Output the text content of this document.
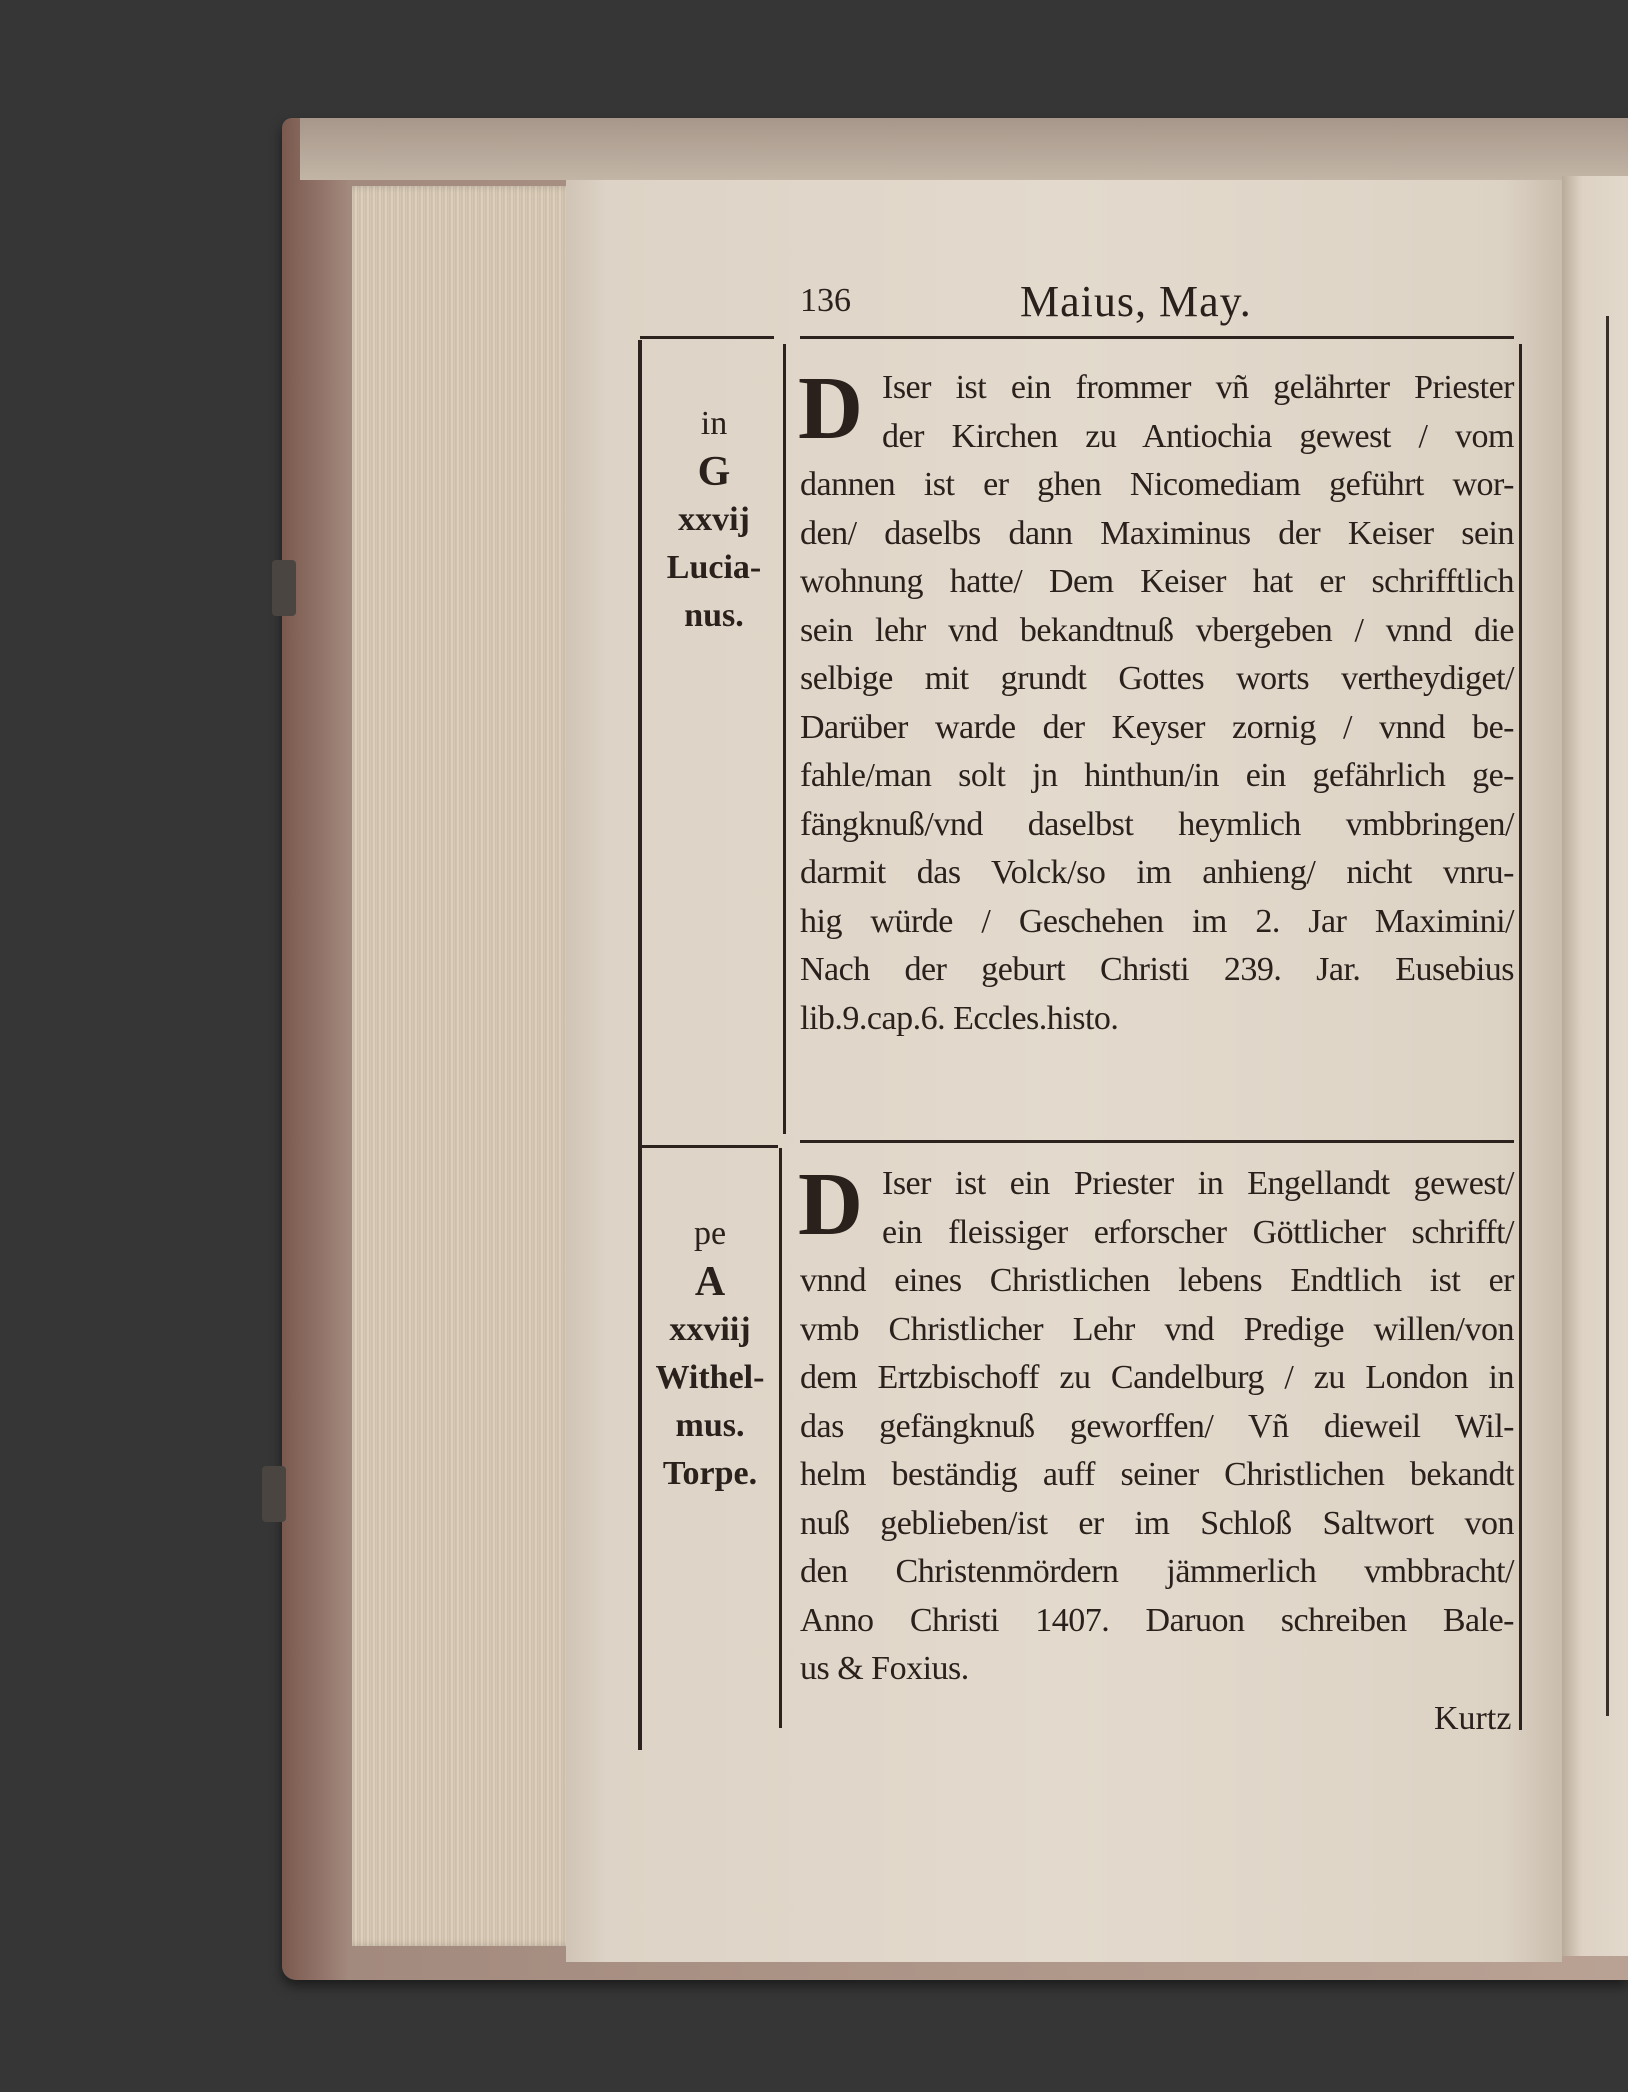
136	Maius, May.
in
G
xxvij
Lucia-
nus.
pe
A
xxviij
Withel-
mus.
Torpe.
D Iser ist ein frommer vñ gelährter Priester
der Kirchen zu Antiochia gewest / vom
dannen ist er ghen Nicomediam geführt wor-
den/ daselbs dann Maximinus der Keiser sein
wohnung hatte/ Dem Keiser hat er schrifftlich
sein lehr vnd bekandtnuß vbergeben / vnnd die
selbige mit grundt Gottes worts vertheydiget/
Darüber warde der Keyser zornig / vnnd be-
fahle/man solt jn hinthun/in ein gefährlich ge-
fängknuß/vnd daselbst heymlich vmbbringen/
darmit das Volck/so im anhieng/ nicht vnru-
hig würde / Geschehen im 2. Jar Maximini/
Nach der geburt Christi 239. Jar. Eusebius
lib.9.cap.6. Eccles.histo.
D Iser ist ein Priester in Engellandt gewest/
ein fleissiger erforscher Göttlicher schrifft/
vnnd eines Christlichen lebens Endtlich ist er
vmb Christlicher Lehr vnd Predige willen/von
dem Ertzbischoff zu Candelburg / zu London in
das gefängknuß geworffen/ Vñ dieweil Wil-
helm beständig auff seiner Christlichen bekandt
nuß geblieben/ist er im Schloß Saltwort von
den Christenmördern jämmerlich vmbbracht/
Anno Christi 1407. Daruon schreiben Bale-
us & Foxius.
Kurtz
